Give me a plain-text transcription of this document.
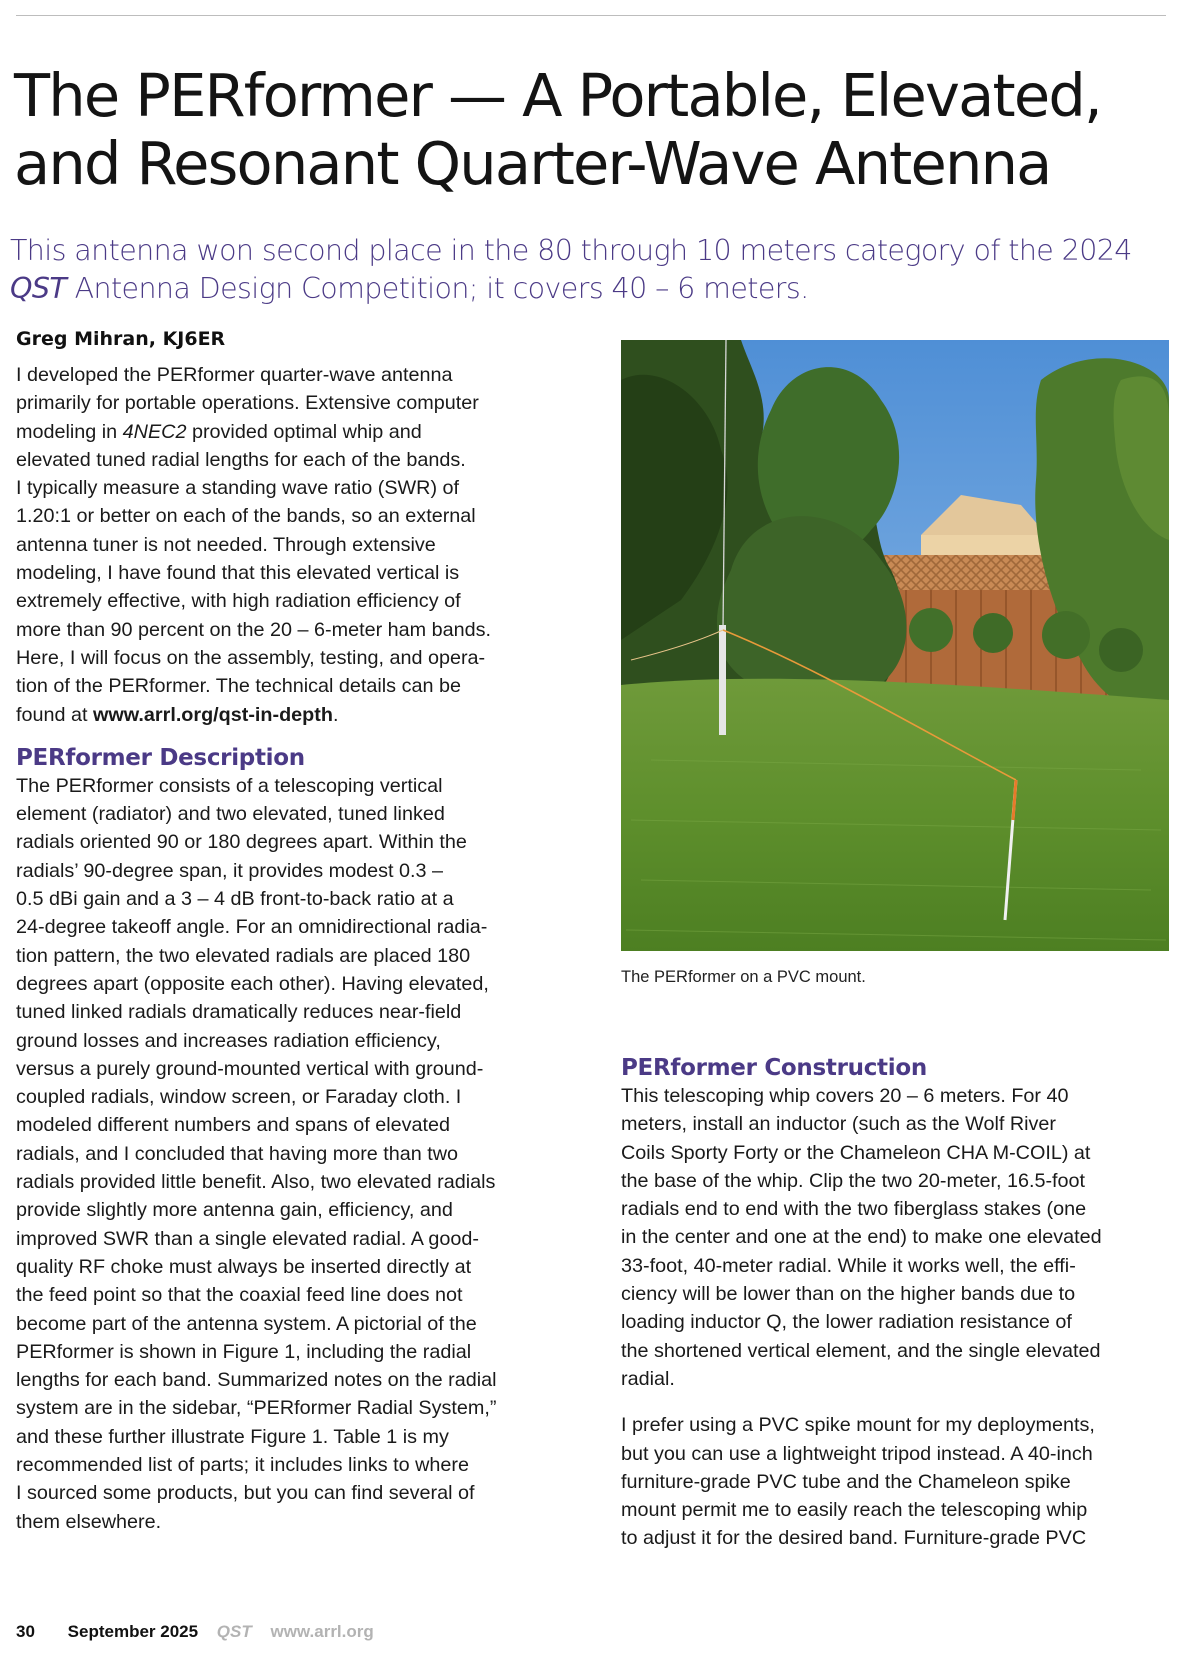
The PERformer — A Portable, Elevated,
and Resonant Quarter-Wave Antenna
This antenna won second place in the 80 through 10 meters category of the 2024
QST Antenna Design Competition; it covers 40 – 6 meters.
Greg Mihran, KJ6ER
I developed the PERformer quarter-wave antenna
primarily for portable operations. Extensive computer
modeling in 4NEC2 provided optimal whip and
elevated tuned radial lengths for each of the bands.
I typically measure a standing wave ratio (SWR) of
1.20:1 or better on each of the bands, so an external
antenna tuner is not needed. Through extensive
modeling, I have found that this elevated vertical is
extremely effective, with high radiation efficiency of
more than 90 percent on the 20 – 6-meter ham bands.
Here, I will focus on the assembly, testing, and opera-
tion of the PERformer. The technical details can be
found at www.arrl.org/qst-in-depth.
PERformer Description
The PERformer consists of a telescoping vertical
element (radiator) and two elevated, tuned linked
radials oriented 90 or 180 degrees apart. Within the
radials’ 90-degree span, it provides modest 0.3 –
0.5 dBi gain and a 3 – 4 dB front-to-back ratio at a
24-degree takeoff angle. For an omnidirectional radia-
tion pattern, the two elevated radials are placed 180
degrees apart (opposite each other). Having elevated,
tuned linked radials dramatically reduces near-field
ground losses and increases radiation efficiency,
versus a purely ground-mounted vertical with ground-
coupled radials, window screen, or Faraday cloth. I
modeled different numbers and spans of elevated
radials, and I concluded that having more than two
radials provided little benefit. Also, two elevated radials
provide slightly more antenna gain, efficiency, and
improved SWR than a single elevated radial. A good-
quality RF choke must always be inserted directly at
the feed point so that the coaxial feed line does not
become part of the antenna system. A pictorial of the
PERformer is shown in Figure 1, including the radial
lengths for each band. Summarized notes on the radial
system are in the sidebar, “PERformer Radial System,”
and these further illustrate Figure 1. Table 1 is my
recommended list of parts; it includes links to where
I sourced some products, but you can find several of
them elsewhere.
The PERformer on a PVC mount.
PERformer Construction
This telescoping whip covers 20 – 6 meters. For 40
meters, install an inductor (such as the Wolf River
Coils Sporty Forty or the Chameleon CHA M-COIL) at
the base of the whip. Clip the two 20-meter, 16.5-foot
radials end to end with the two fiberglass stakes (one
in the center and one at the end) to make one elevated
33-foot, 40-meter radial. While it works well, the effi-
ciency will be lower than on the higher bands due to
loading inductor Q, the lower radiation resistance of
the shortened vertical element, and the single elevated
radial.
I prefer using a PVC spike mount for my deployments,
but you can use a lightweight tripod instead. A 40-inch
furniture-grade PVC tube and the Chameleon spike
mount permit me to easily reach the telescoping whip
to adjust it for the desired band. Furniture-grade PVC
30 September 2025 QST www.arrl.org
